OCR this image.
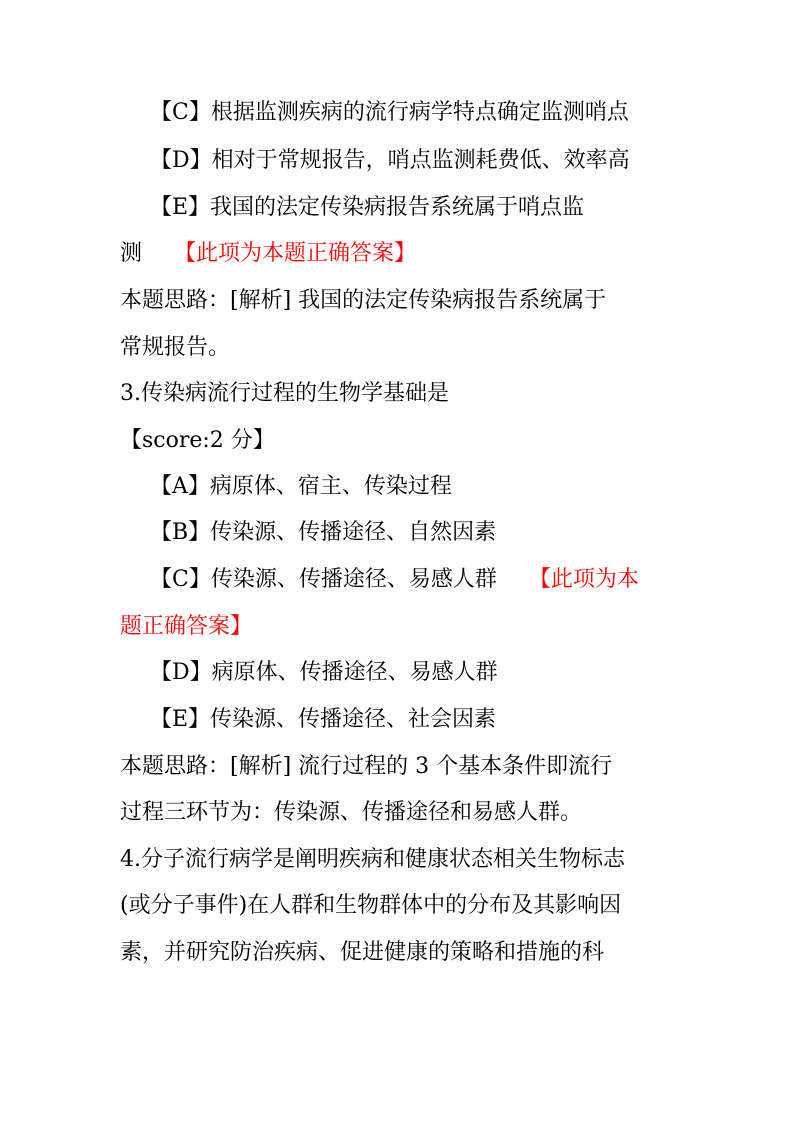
【C】根据监测疾病的流行病学特点确定监测哨点
【D】相对于常规报告，哨点监测耗费低、效率高
【E】我国的法定传染病报告系统属于哨点监
测 【此项为本题正确答案】
本题思路：[解析] 我国的法定传染病报告系统属于
常规报告。
3.传染病流行过程的生物学基础是
【score:2 分】
【A】病原体、宿主、传染过程
【B】传染源、传播途径、自然因素
【C】传染源、传播途径、易感人群 【此项为本
题正确答案】
【D】病原体、传播途径、易感人群
【E】传染源、传播途径、社会因素
本题思路：[解析] 流行过程的 3 个基本条件即流行
过程三环节为：传染源、传播途径和易感人群。
4.分子流行病学是阐明疾病和健康状态相关生物标志
(或分子事件)在人群和生物群体中的分布及其影响因
素，并研究防治疾病、促进健康的策略和措施的科
